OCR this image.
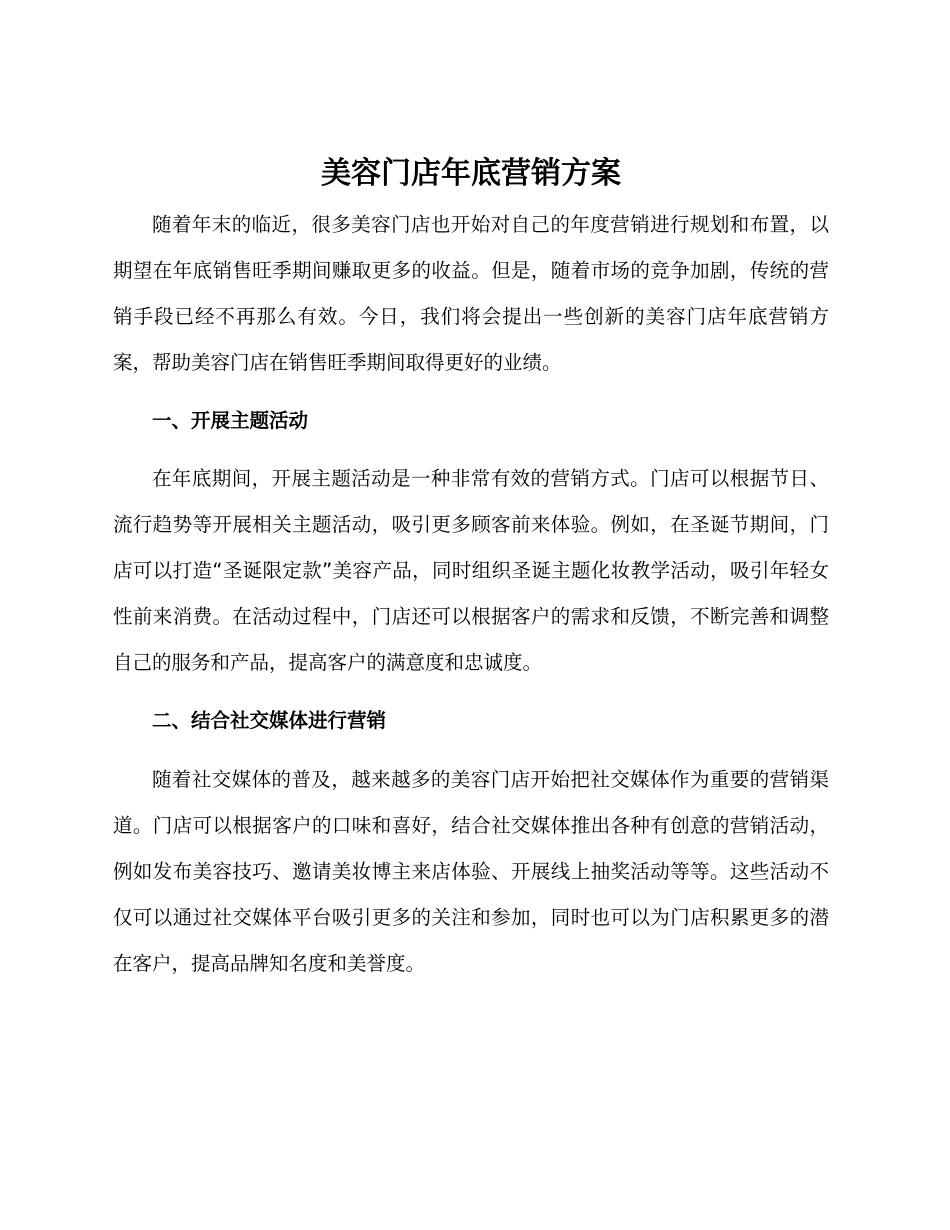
美容门店年底营销方案

随着年末的临近，很多美容门店也开始对自己的年度营销进行规划和布置，以期望在年底销售旺季期间赚取更多的收益。但是，随着市场的竞争加剧，传统的营销手段已经不再那么有效。今日，我们将会提出一些创新的美容门店年底营销方案，帮助美容门店在销售旺季期间取得更好的业绩。

一、开展主题活动

在年底期间，开展主题活动是一种非常有效的营销方式。门店可以根据节日、流行趋势等开展相关主题活动，吸引更多顾客前来体验。例如，在圣诞节期间，门店可以打造“圣诞限定款”美容产品，同时组织圣诞主题化妆教学活动，吸引年轻女性前来消费。在活动过程中，门店还可以根据客户的需求和反馈，不断完善和调整自己的服务和产品，提高客户的满意度和忠诚度。

二、结合社交媒体进行营销

随着社交媒体的普及，越来越多的美容门店开始把社交媒体作为重要的营销渠道。门店可以根据客户的口味和喜好，结合社交媒体推出各种有创意的营销活动，例如发布美容技巧、邀请美妆博主来店体验、开展线上抽奖活动等等。这些活动不仅可以通过社交媒体平台吸引更多的关注和参加，同时也可以为门店积累更多的潜在客户，提高品牌知名度和美誉度。
